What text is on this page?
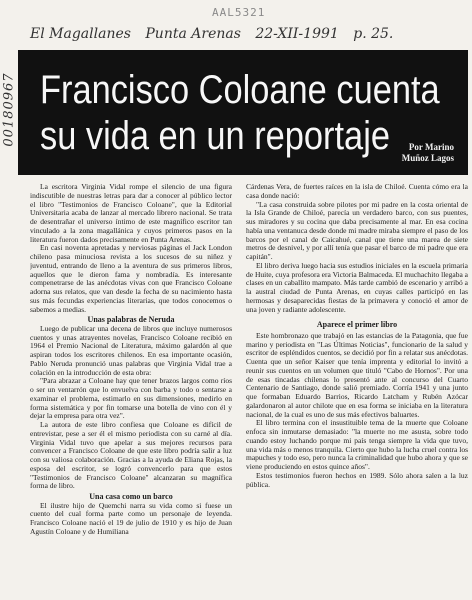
AAL5321
El Magallanes Punta Arenas 22-XII-1991 p. 25.
00180967 Francisco Coloane cuenta
su vida en un reportaje	Por Marino
Muñoz Lagos

La escritora Virginia Vidal rompe el silencio de una figura indiscutible de nuestras letras para dar a conocer al público lector el libro "Testimonios de Francisco Coloane", que la Editorial Universitaria acaba de lanzar al mercado librero nacional. Se trata de desentrañar el universo íntimo de este magnífico escritor tan vinculado a la zona magallánica y cuyos primeros pasos en la literatura fueron dados precisamente en Punta Arenas.

En casi noventa apretadas y nerviosas páginas el Jack London chileno pasa minuciosa revista a los sucesos de su niñez y juventud, entrando de lleno a la aventura de sus primeros libros, aquellos que le dieron fama y nombradía. Es interesante compenetrarse de las anécdotas vivas con que Francisco Coloane adorna sus relatos, que van desde la fecha de su nacimiento hasta sus más fecundas experiencias literarias, que todos conocemos o sabemos a medias.

Unas palabras de Neruda

Luego de publicar una decena de libros que incluye numerosos cuentos y unas atrayentes novelas, Francisco Coloane recibió en 1964 el Premio Nacional de Literatura, máximo galardón al que aspiran todos los escritores chilenos. En esa importante ocasión, Pablo Neruda pronunció unas palabras que Virginia Vidal trae a colación en la introducción de esta obra:

"Para abrazar a Coloane hay que tener brazos largos como ríos o ser un ventarrón que lo envuelva con barba y todo o sentarse a examinar el problema, estimarlo en sus dimensiones, medirlo en forma sistemática y por fin tomarse una botella de vino con él y dejar la empresa para otra vez".

La autora de este libro confiesa que Coloane es difícil de entrevistar, pese a ser él el mismo periodista con su carné al día. Virginia Vidal tuvo que apelar a sus mejores recursos para convencer a Francisco Coloane de que este libro podría salir a luz con su valiosa colaboración. Gracias a la ayuda de Eliana Rojas, la esposa del escritor, se logró convencerlo para que estos "Testimonios de Francisco Coloane" alcanzaran su magnífica forma de libro.

Una casa como un barco

El ilustre hijo de Quemchi narra su vida como si fuese un cuento del cual forma parte como un personaje de leyenda. Francisco Coloane nació el 19 de julio de 1910 y es hijo de Juan Agustín Coloane y de Humiliana

Cárdenas Vera, de fuertes raíces en la isla de Chiloé. Cuenta cómo era la casa donde nació:

"La casa construida sobre pilotes por mi padre en la costa oriental de la Isla Grande de Chiloé, parecía un verdadero barco, con sus puentes, sus miradores y su cocina que daba precisamente al mar. En esa cocina había una ventanuca desde donde mi madre miraba siempre el paso de los barcos por el canal de Caicahué, canal que tiene una marea de siete metros de desnivel, y por allí tenía que pasar el barco de mi padre que era capitán".

El libro deriva luego hacia sus estudios iniciales en la escuela primaria de Huite, cuya profesora era Victoria Balmaceda. El muchachito llegaba a clases en un caballito mampato. Más tarde cambió de escenario y arribó a la austral ciudad de Punta Arenas, en cuyas calles participó en las hermosas y desaparecidas fiestas de la primavera y conoció el amor de una joven y radiante adolescente.

Aparece el primer libro

Este hombronazo que trabajó en las estancias de la Patagonia, que fue marino y periodista en "Las Últimas Noticias", funcionario de la salud y escritor de espléndidos cuentos, se decidió por fin a relatar sus anécdotas. Cuenta que un señor Kaiser que tenía imprenta y editorial lo invitó a reunir sus cuentos en un volumen que tituló "Cabo de Hornos". Por una de esas tincadas chilenas lo presentó ante al concurso del Cuarto Centenario de Santiago, donde salió premiado. Corría 1941 y una junto que formaban Eduardo Barrios, Ricardo Latcham y Rubén Azócar galardonaron al autor chilote que en esa forma se iniciaba en la literatura nacional, de la cual es uno de sus más efectivos baluartes.

El libro termina con el insustituible tema de la muerte que Coloane enfoca sin inmutarse demasiado: "la muerte no me asusta, sobre todo cuando estoy luchando porque mi país tenga siempre la vida que tuvo, una vida más o menos tranquila. Cierto que hubo la lucha cruel contra los mapuches y todo eso, pero nunca la criminalidad que hubo ahora y que se viene produciendo en estos quince años".

Estos testimonios fueron hechos en 1989. Sólo ahora salen a la luz pública.
